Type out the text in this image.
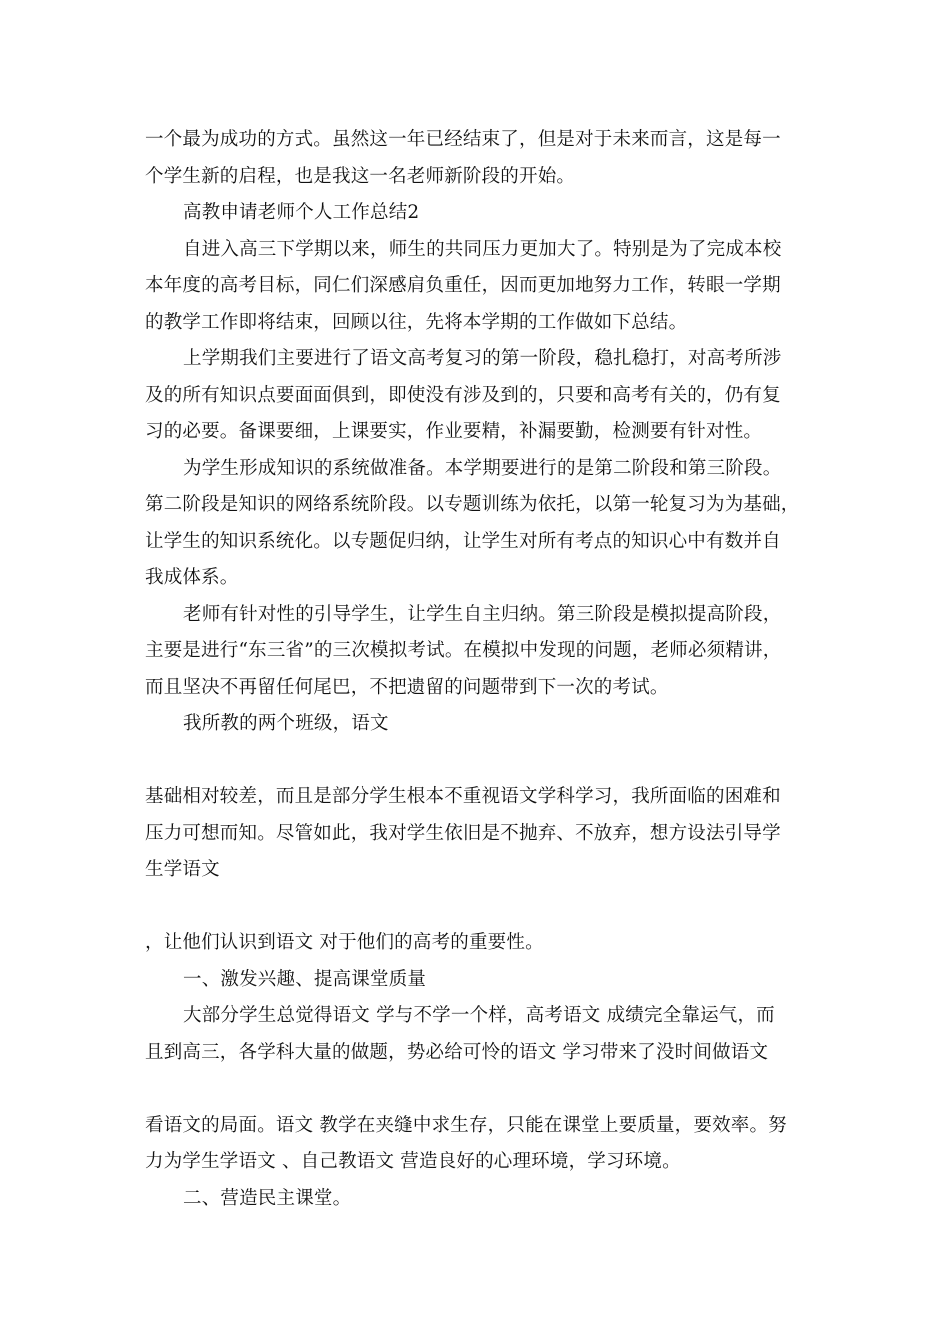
一个最为成功的方式。虽然这一年已经结束了，但是对于未来而言，这是每一
个学生新的启程，也是我这一名老师新阶段的开始。
高教申请老师个人工作总结2
自进入高三下学期以来，师生的共同压力更加大了。特别是为了完成本校
本年度的高考目标，同仁们深感肩负重任，因而更加地努力工作，转眼一学期
的教学工作即将结束，回顾以往，先将本学期的工作做如下总结。
上学期我们主要进行了语文高考复习的第一阶段，稳扎稳打，对高考所涉
及的所有知识点要面面俱到，即使没有涉及到的，只要和高考有关的，仍有复
习的必要。备课要细，上课要实，作业要精，补漏要勤，检测要有针对性。
为学生形成知识的系统做准备。本学期要进行的是第二阶段和第三阶段。
第二阶段是知识的网络系统阶段。以专题训练为依托，以第一轮复习为为基础，
让学生的知识系统化。以专题促归纳，让学生对所有考点的知识心中有数并自
我成体系。
老师有针对性的引导学生，让学生自主归纳。第三阶段是模拟提高阶段，
主要是进行“东三省”的三次模拟考试。在模拟中发现的问题，老师必须精讲，
而且坚决不再留任何尾巴，不把遗留的问题带到下一次的考试。
我所教的两个班级，语文
基础相对较差，而且是部分学生根本不重视语文学科学习，我所面临的困难和
压力可想而知。尽管如此，我对学生依旧是不抛弃、不放弃，想方设法引导学
生学语文
，让他们认识到语文 对于他们的高考的重要性。
一、激发兴趣、提高课堂质量
大部分学生总觉得语文 学与不学一个样，高考语文 成绩完全靠运气，而
且到高三，各学科大量的做题，势必给可怜的语文 学习带来了没时间做语文
看语文的局面。语文 教学在夹缝中求生存，只能在课堂上要质量，要效率。努
力为学生学语文 、自己教语文 营造良好的心理环境，学习环境。
二、营造民主课堂。
